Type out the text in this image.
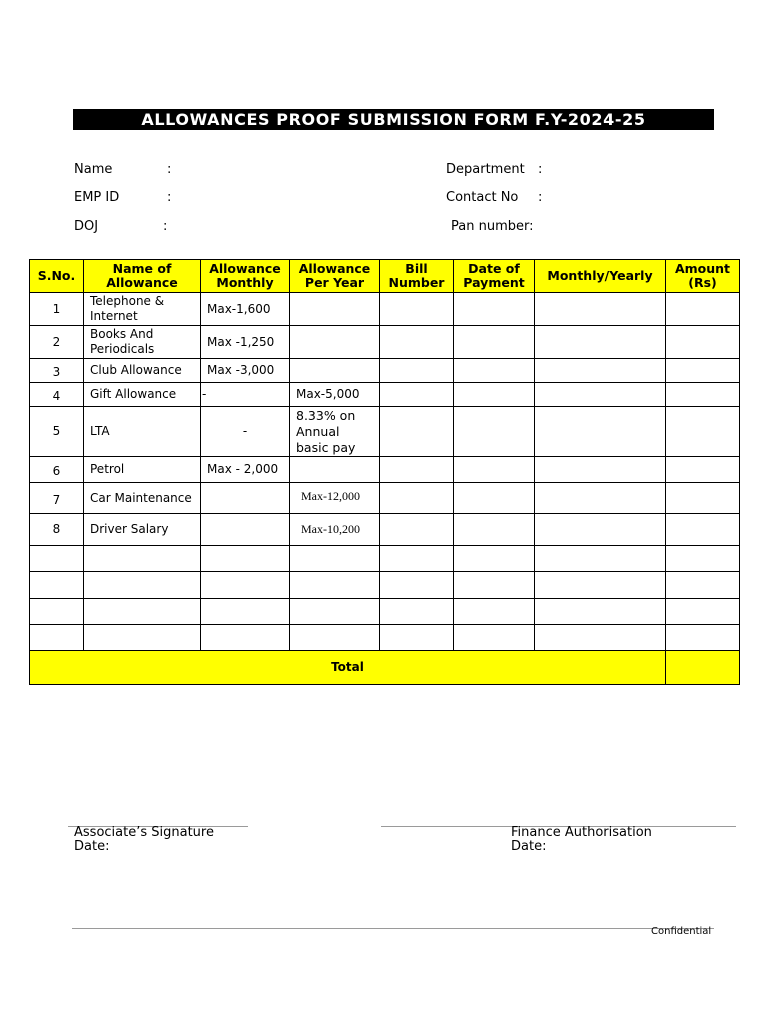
ALLOWANCES PROOF SUBMISSION FORM F.Y-2024-25
Name	:
EMP ID	:
DOJ	:
Department :
Contact No :
Pan number:
S.No.	Name of Allowance	Allowance Monthly	Allowance Per Year	Bill Number	Date of Payment	Monthly/Yearly	Amount (Rs)
1	Telephone & Internet	Max-1,600					
2	Books And Periodicals	Max -1,250					
3	Club Allowance	Max -3,000					
4	Gift Allowance	-	Max-5,000				
5	LTA	-	8.33% on Annual basic pay				
6	Petrol	Max - 2,000					
7	Car Maintenance		Max-12,000				
8	Driver Salary		Max-10,200				

Total							
Associate’s Signature
Date:
Finance Authorisation
Date:
Confidential
